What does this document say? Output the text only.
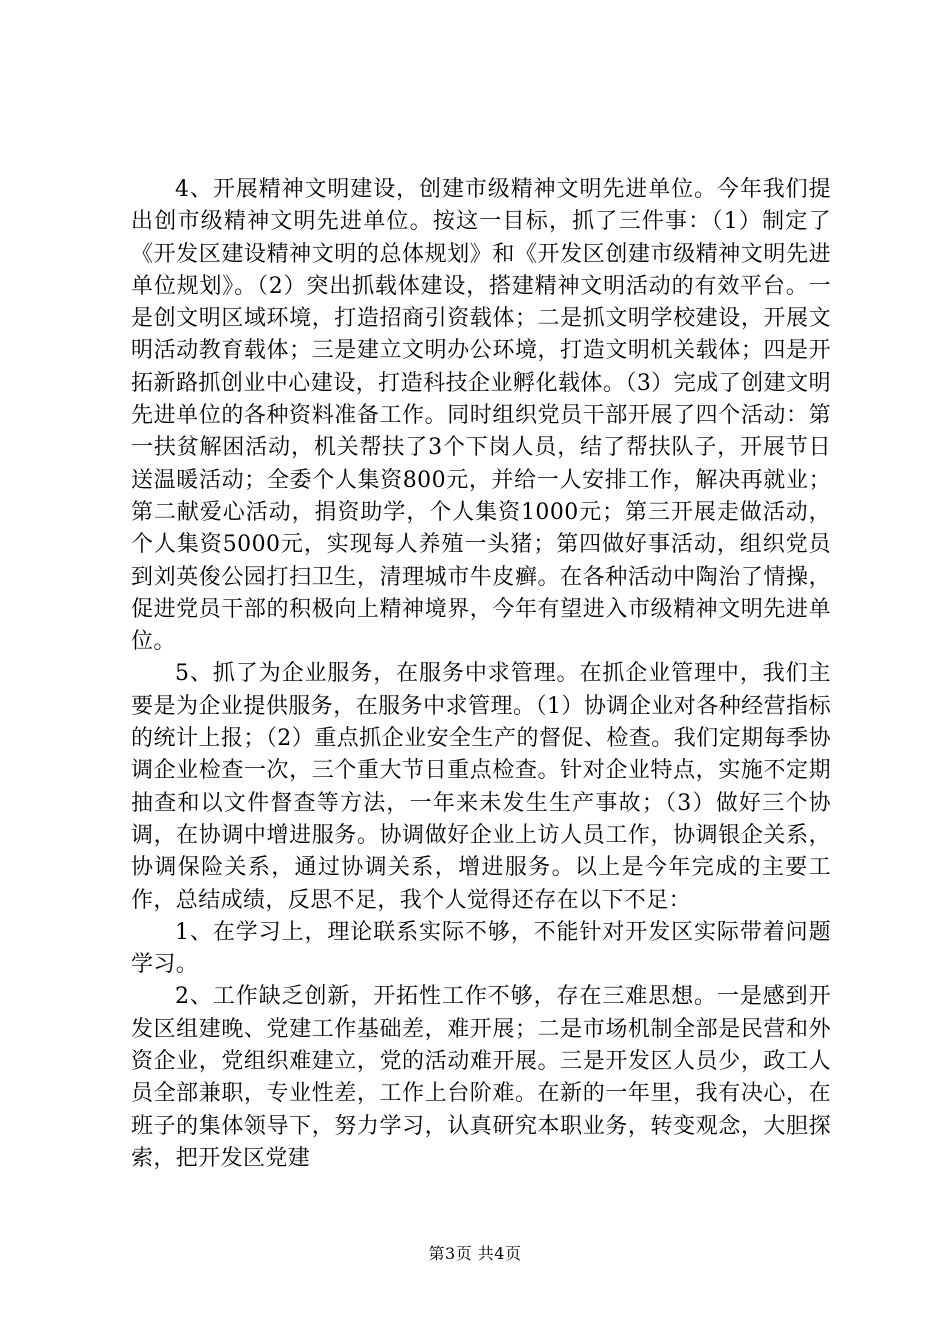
4、开展精神文明建设，创建市级精神文明先进单位。今年我们提出创市级精神文明先进单位。按这一目标，抓了三件事：（1）制定了《开发区建设精神文明的总体规划》和《开发区创建市级精神文明先进单位规划》。（2）突出抓载体建设，搭建精神文明活动的有效平台。一是创文明区域环境，打造招商引资载体；二是抓文明学校建设，开展文明活动教育载体；三是建立文明办公环境，打造文明机关载体；四是开拓新路抓创业中心建设，打造科技企业孵化载体。（3）完成了创建文明先进单位的各种资料准备工作。同时组织党员干部开展了四个活动：第一扶贫解困活动，机关帮扶了3个下岗人员，结了帮扶队子，开展节日送温暖活动；全委个人集资800元，并给一人安排工作，解决再就业；第二献爱心活动，捐资助学，个人集资1000元；第三开展走做活动，个人集资5000元，实现每人养殖一头猪；第四做好事活动，组织党员到刘英俊公园打扫卫生，清理城市牛皮癣。在各种活动中陶治了情操，促进党员干部的积极向上精神境界，今年有望进入市级精神文明先进单位。

5、抓了为企业服务，在服务中求管理。在抓企业管理中，我们主要是为企业提供服务，在服务中求管理。（1）协调企业对各种经营指标的统计上报；（2）重点抓企业安全生产的督促、检查。我们定期每季协调企业检查一次，三个重大节日重点检查。针对企业特点，实施不定期抽查和以文件督查等方法，一年来未发生生产事故；（3）做好三个协调，在协调中增进服务。协调做好企业上访人员工作，协调银企关系，协调保险关系，通过协调关系，增进服务。以上是今年完成的主要工作，总结成绩，反思不足，我个人觉得还存在以下不足：

1、在学习上，理论联系实际不够，不能针对开发区实际带着问题学习。

2、工作缺乏创新，开拓性工作不够，存在三难思想。一是感到开发区组建晚、党建工作基础差，难开展；二是市场机制全部是民营和外资企业，党组织难建立，党的活动难开展。三是开发区人员少，政工人员全部兼职，专业性差，工作上台阶难。在新的一年里，我有决心，在班子的集体领导下，努力学习，认真研究本职业务，转变观念，大胆探索，把开发区党建

第3页 共4页
